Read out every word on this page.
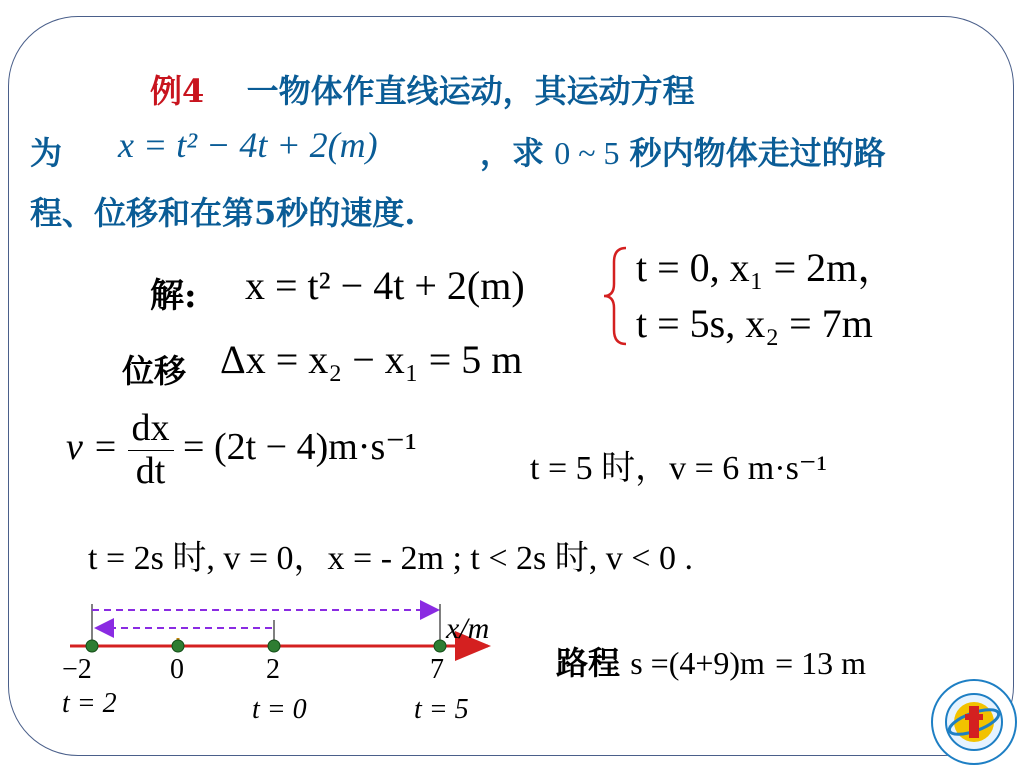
例4 一物体作直线运动，其运动方程
为 x = t² − 4t + 2(m)	，求 0 ~ 5 秒内物体走过的路
程、位移和在第5秒的速度.
解: x = t² − 4t + 2(m)	t = 0, x₁ = 2m，
t = 5s, x₂ = 7m
位移 Δx = x₂ − x₁ = 5 m
$v = \frac{dx}{dt} = (2t - 4)m\cdot s^{-1}$
t = 5 时，v = 6 m·s⁻¹
t = 2s 时, v = 0，x = - 2m ; t < 2s 时, v < 0 .
x/m
−2	0	2	7
t = 2	t = 0	t = 5
路程 s =(4+9)m = 13 m
